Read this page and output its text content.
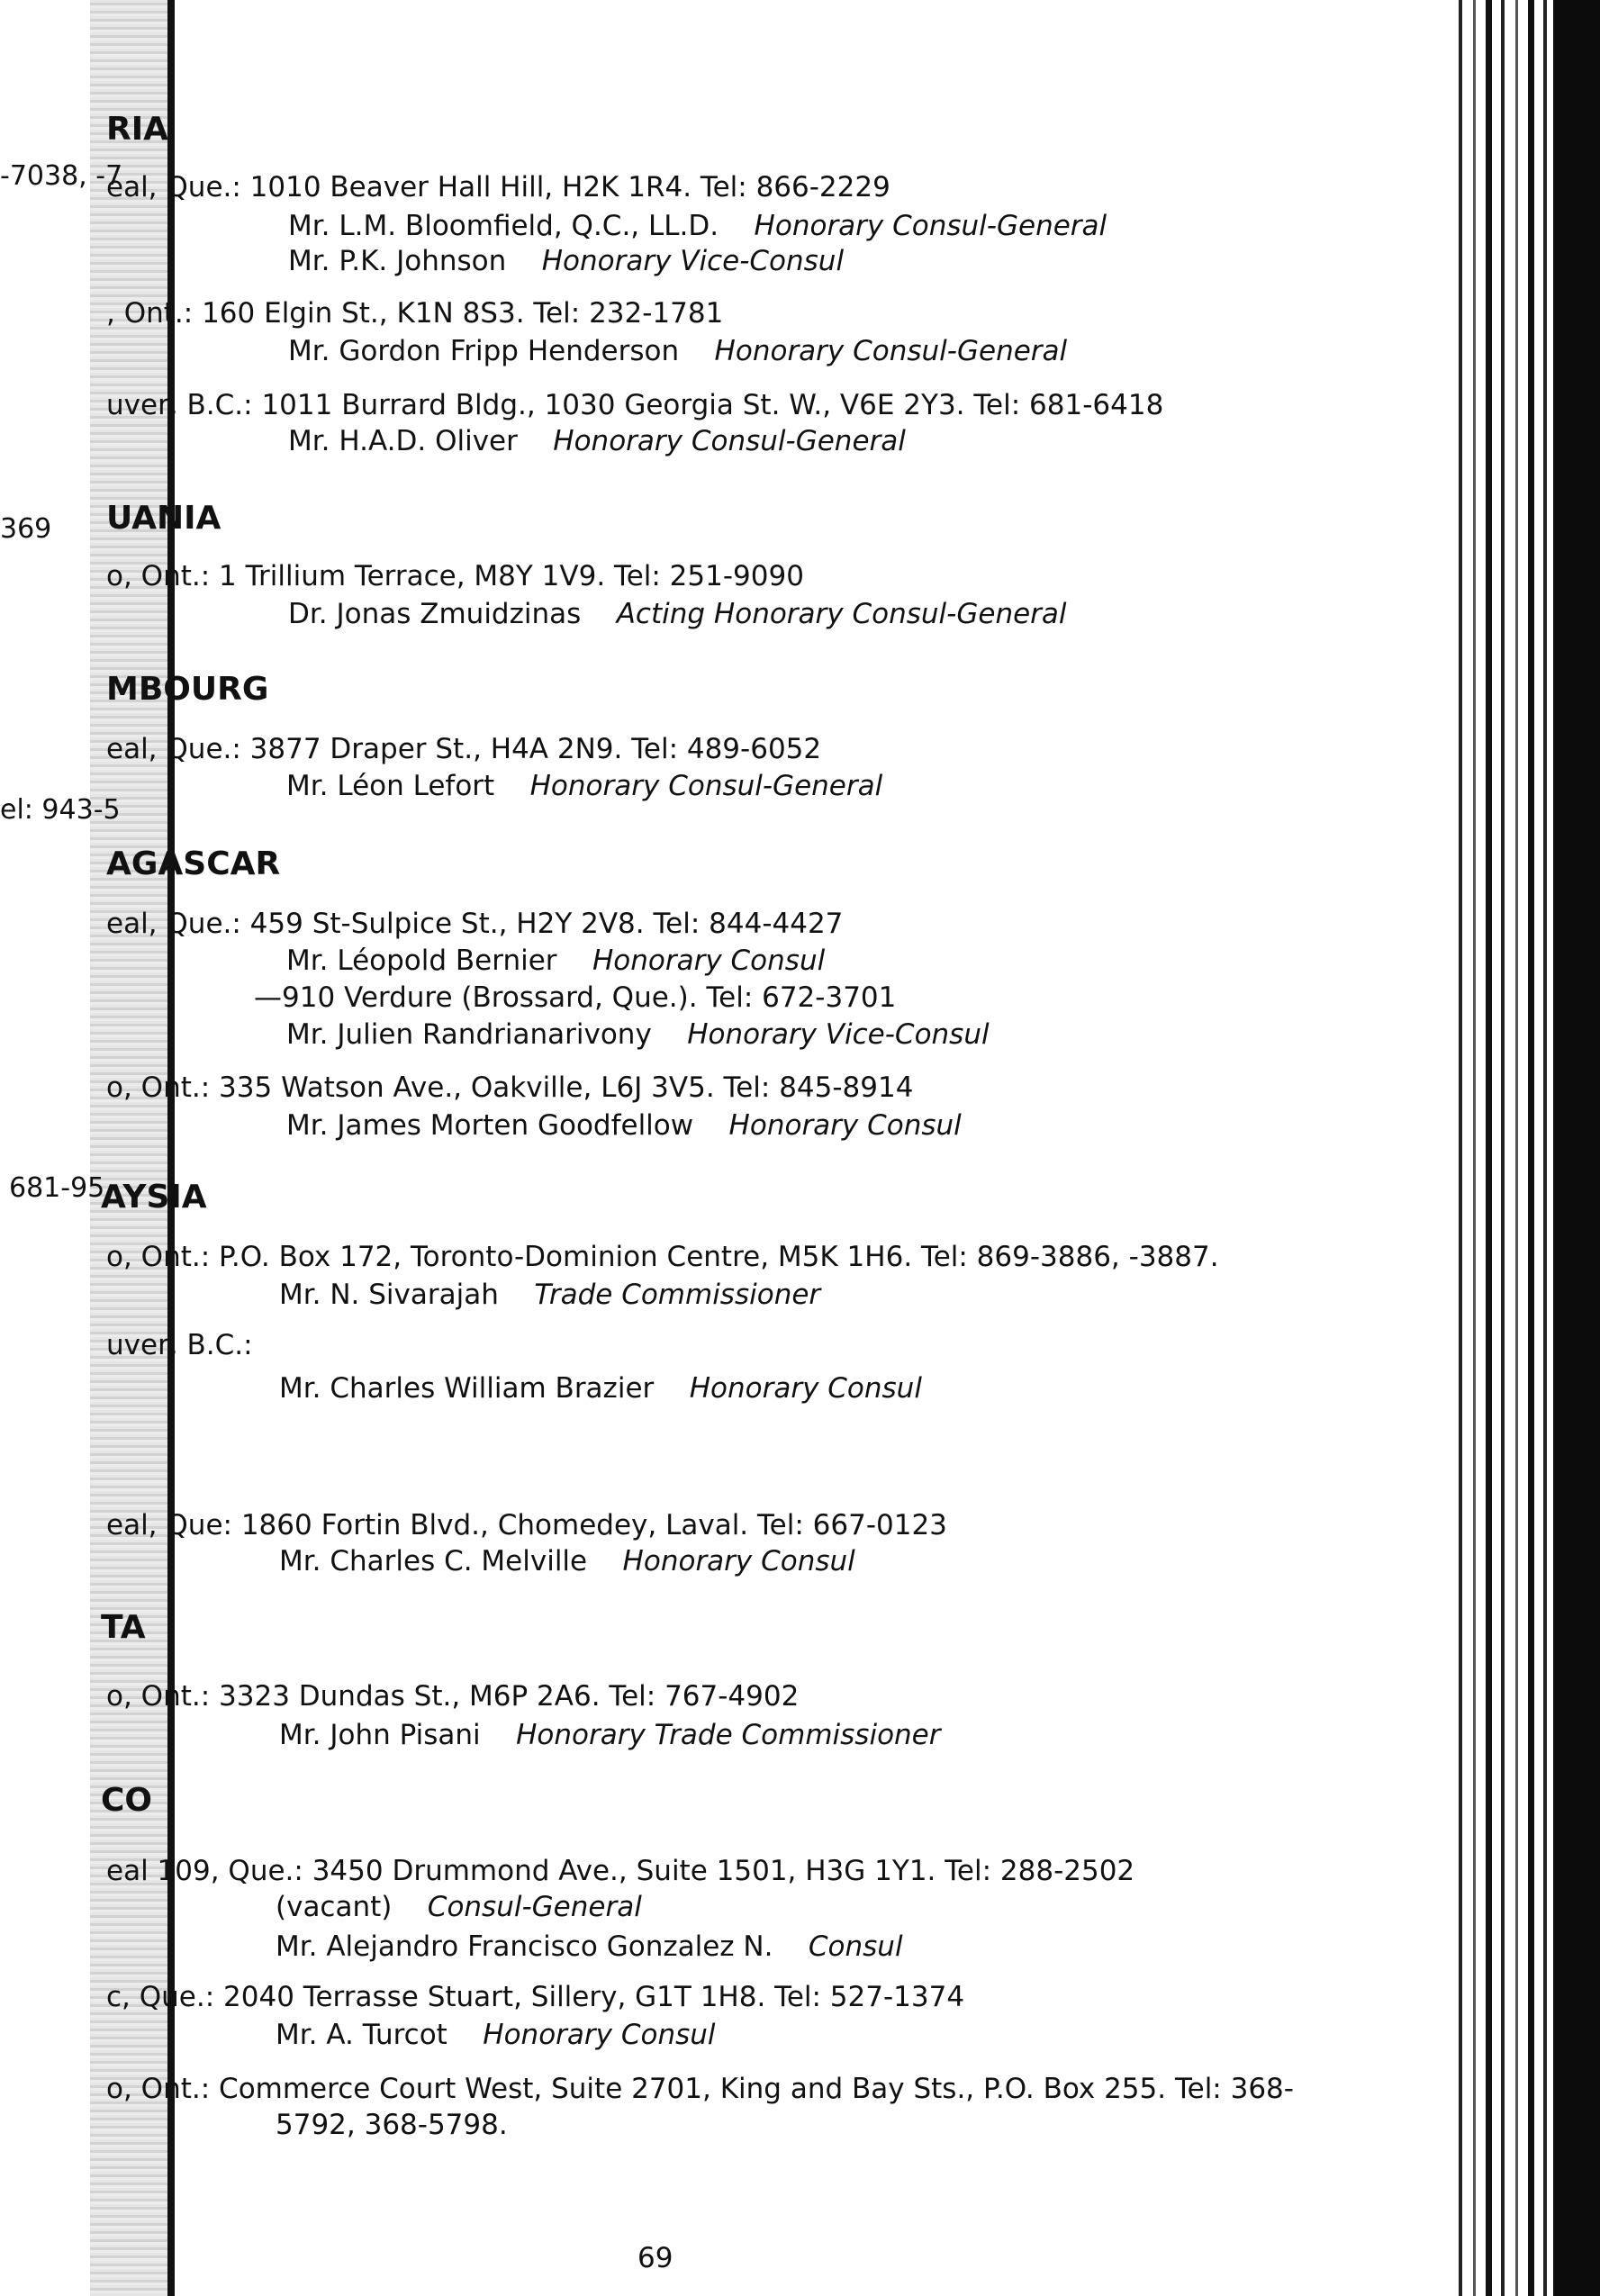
-7038, -7
369
el: 943-5
681-95
RIA
eal, Que.: 1010 Beaver Hall Hill, H2K 1R4. Tel: 866-2229
Mr. L.M. Bloomfield, Q.C., LL.D. Honorary Consul-General
Mr. P.K. Johnson Honorary Vice-Consul
, Ont.: 160 Elgin St., K1N 8S3. Tel: 232-1781
Mr. Gordon Fripp Henderson Honorary Consul-General
uver, B.C.: 1011 Burrard Bldg., 1030 Georgia St. W., V6E 2Y3. Tel: 681-6418
Mr. H.A.D. Oliver Honorary Consul-General
UANIA
o, Ont.: 1 Trillium Terrace, M8Y 1V9. Tel: 251-9090
Dr. Jonas Zmuidzinas Acting Honorary Consul-General
MBOURG
eal, Que.: 3877 Draper St., H4A 2N9. Tel: 489-6052
Mr. Léon Lefort Honorary Consul-General
AGASCAR
eal, Que.: 459 St-Sulpice St., H2Y 2V8. Tel: 844-4427
Mr. Léopold Bernier Honorary Consul
—910 Verdure (Brossard, Que.). Tel: 672-3701
Mr. Julien Randrianarivony Honorary Vice-Consul
o, Ont.: 335 Watson Ave., Oakville, L6J 3V5. Tel: 845-8914
Mr. James Morten Goodfellow Honorary Consul
AYSIA
o, Ont.: P.O. Box 172, Toronto-Dominion Centre, M5K 1H6. Tel: 869-3886, -3887.
Mr. N. Sivarajah Trade Commissioner
uver, B.C.:
Mr. Charles William Brazier Honorary Consul
eal, Que: 1860 Fortin Blvd., Chomedey, Laval. Tel: 667-0123
Mr. Charles C. Melville Honorary Consul
TA
o, Ont.: 3323 Dundas St., M6P 2A6. Tel: 767-4902
Mr. John Pisani Honorary Trade Commissioner
CO
eal 109, Que.: 3450 Drummond Ave., Suite 1501, H3G 1Y1. Tel: 288-2502
(vacant) Consul-General
Mr. Alejandro Francisco Gonzalez N. Consul
c, Que.: 2040 Terrasse Stuart, Sillery, G1T 1H8. Tel: 527-1374
Mr. A. Turcot Honorary Consul
o, Ont.: Commerce Court West, Suite 2701, King and Bay Sts., P.O. Box 255. Tel: 368-
5792, 368-5798.
69
